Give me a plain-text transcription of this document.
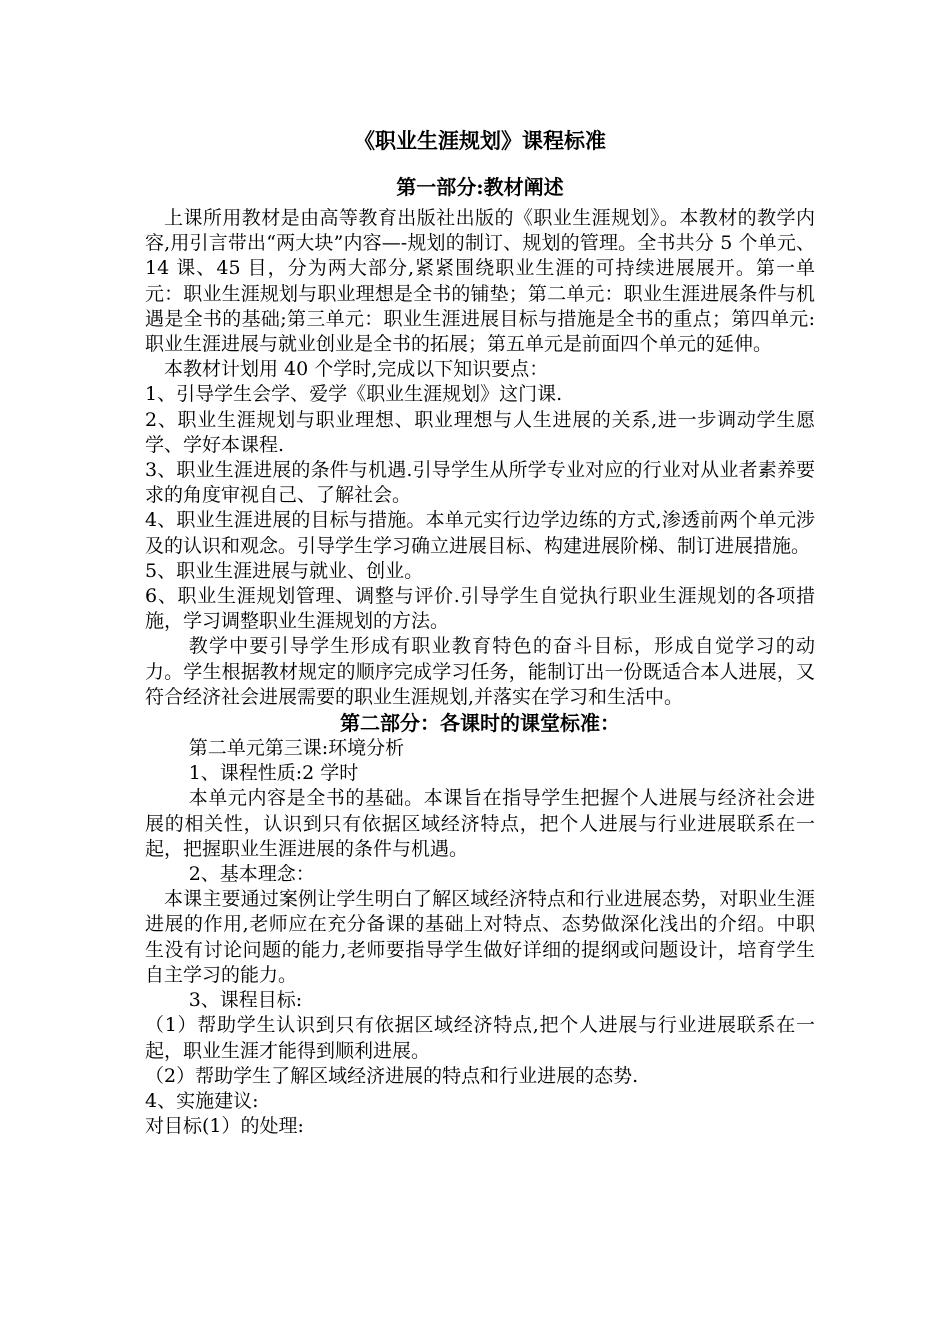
《职业生涯规划》课程标准
第一部分:教材阐述

上课所用教材是由高等教育出版社出版的《职业生涯规划》。本教材的教学内容,用引言带出“两大块”内容—-规划的制订、规划的管理。全书共分 5 个单元、14 课、45 目，分为两大部分,紧紧围绕职业生涯的可持续进展展开。第一单元：职业生涯规划与职业理想是全书的铺垫；第二单元：职业生涯进展条件与机遇是全书的基础;第三单元：职业生涯进展目标与措施是全书的重点；第四单元:职业生涯进展与就业创业是全书的拓展；第五单元是前面四个单元的延伸。

本教材计划用 40 个学时,完成以下知识要点：

1、引导学生会学、爱学《职业生涯规划》这门课.

2、职业生涯规划与职业理想、职业理想与人生进展的关系,进一步调动学生愿学、学好本课程.

3、职业生涯进展的条件与机遇.引导学生从所学专业对应的行业对从业者素养要求的角度审视自己、了解社会。

4、职业生涯进展的目标与措施。本单元实行边学边练的方式,渗透前两个单元涉及的认识和观念。引导学生学习确立进展目标、构建进展阶梯、制订进展措施。

5、职业生涯进展与就业、创业。

6、职业生涯规划管理、调整与评价.引导学生自觉执行职业生涯规划的各项措施，学习调整职业生涯规划的方法。

教学中要引导学生形成有职业教育特色的奋斗目标，形成自觉学习的动力。学生根据教材规定的顺序完成学习任务，能制订出一份既适合本人进展，又符合经济社会进展需要的职业生涯规划,并落实在学习和生活中。

第二部分：各课时的课堂标准：

第二单元第三课:环境分析

1、课程性质:2 学时

本单元内容是全书的基础。本课旨在指导学生把握个人进展与经济社会进展的相关性，认识到只有依据区域经济特点，把个人进展与行业进展联系在一起，把握职业生涯进展的条件与机遇。

2、基本理念：

本课主要通过案例让学生明白了解区域经济特点和行业进展态势，对职业生涯进展的作用,老师应在充分备课的基础上对特点、态势做深化浅出的介绍。中职生没有讨论问题的能力,老师要指导学生做好详细的提纲或问题设计，培育学生自主学习的能力。

3、课程目标:

（1）帮助学生认识到只有依据区域经济特点,把个人进展与行业进展联系在一起，职业生涯才能得到顺利进展。

（2）帮助学生了解区域经济进展的特点和行业进展的态势.

4、实施建议:

对目标(1）的处理:
